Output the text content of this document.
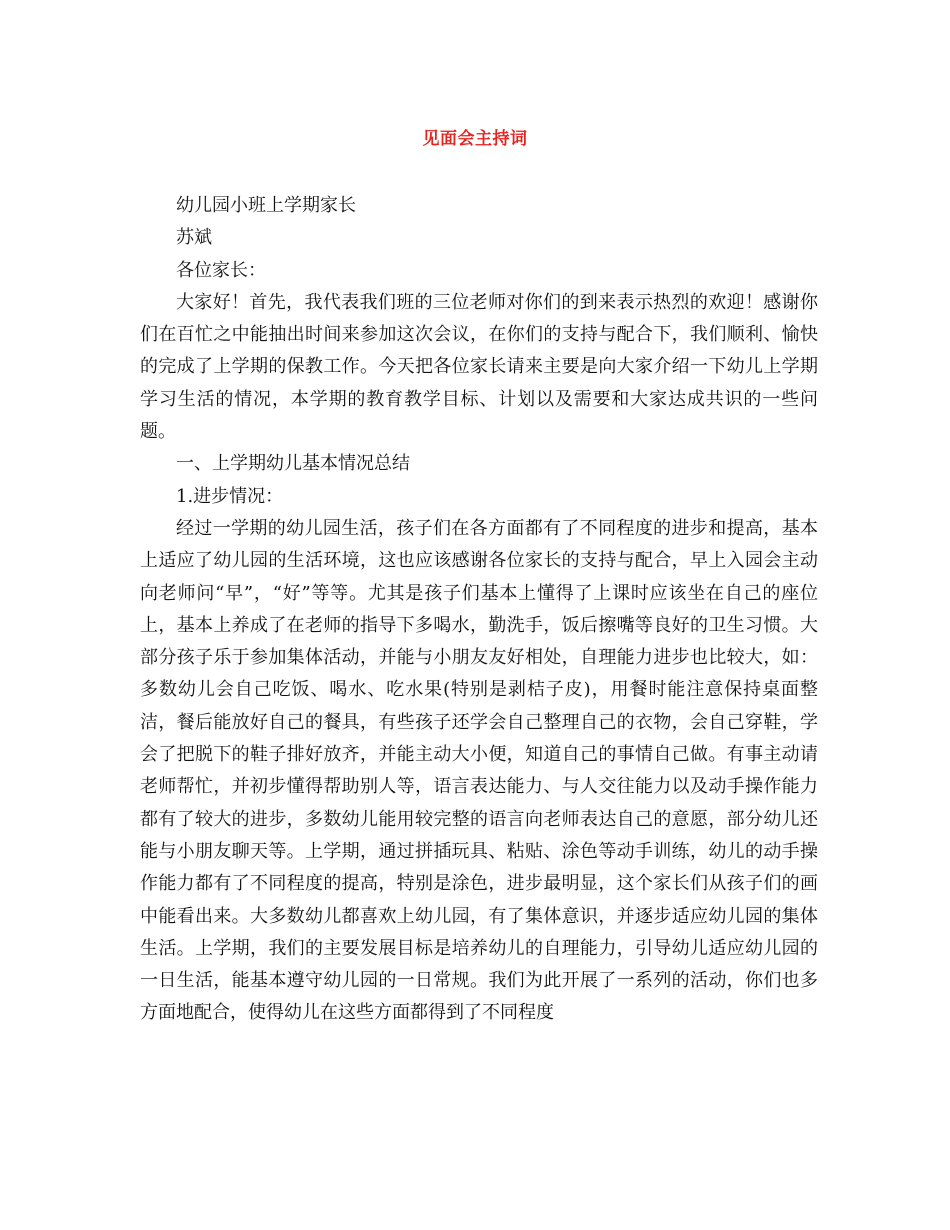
见面会主持词

幼儿园小班上学期家长

苏斌

各位家长：

大家好！首先，我代表我们班的三位老师对你们的到来表示热烈的欢迎！感谢你们在百忙之中能抽出时间来参加这次会议，在你们的支持与配合下，我们顺利、愉快的完成了上学期的保教工作。今天把各位家长请来主要是向大家介绍一下幼儿上学期学习生活的情况，本学期的教育教学目标、计划以及需要和大家达成共识的一些问题。

一、上学期幼儿基本情况总结

1.进步情况：

经过一学期的幼儿园生活，孩子们在各方面都有了不同程度的进步和提高，基本上适应了幼儿园的生活环境，这也应该感谢各位家长的支持与配合，早上入园会主动向老师问“早”，“好”等等。尤其是孩子们基本上懂得了上课时应该坐在自己的座位上，基本上养成了在老师的指导下多喝水，勤洗手，饭后擦嘴等良好的卫生习惯。大部分孩子乐于参加集体活动，并能与小朋友友好相处，自理能力进步也比较大，如：多数幼儿会自己吃饭、喝水、吃水果(特别是剥桔子皮)，用餐时能注意保持桌面整洁，餐后能放好自己的餐具，有些孩子还学会自己整理自己的衣物，会自己穿鞋，学会了把脱下的鞋子排好放齐，并能主动大小便，知道自己的事情自己做。有事主动请老师帮忙，并初步懂得帮助别人等，语言表达能力、与人交往能力以及动手操作能力都有了较大的进步，多数幼儿能用较完整的语言向老师表达自己的意愿，部分幼儿还能与小朋友聊天等。上学期，通过拼插玩具、粘贴、涂色等动手训练，幼儿的动手操作能力都有了不同程度的提高，特别是涂色，进步最明显，这个家长们从孩子们的画中能看出来。大多数幼儿都喜欢上幼儿园，有了集体意识，并逐步适应幼儿园的集体生活。上学期，我们的主要发展目标是培养幼儿的自理能力，引导幼儿适应幼儿园的一日生活，能基本遵守幼儿园的一日常规。我们为此开展了一系列的活动，你们也多方面地配合，使得幼儿在这些方面都得到了不同程度
